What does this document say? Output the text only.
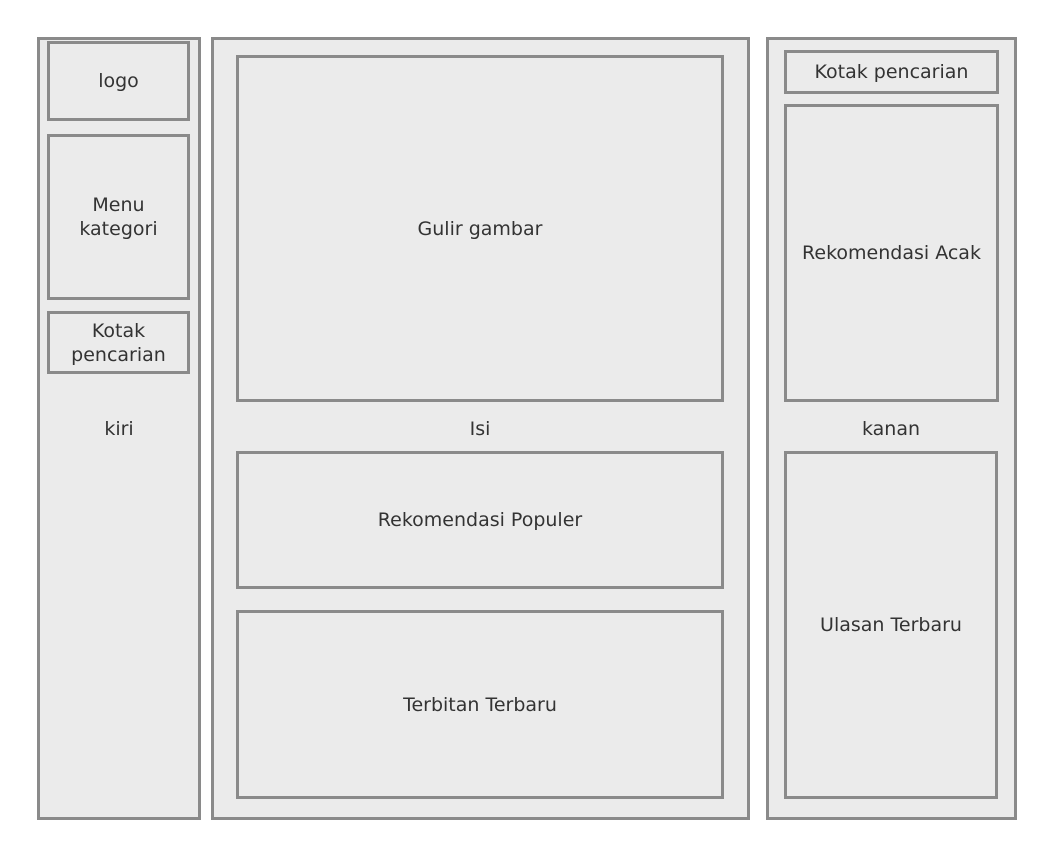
logo
Menu
kategori
Kotak
pencarian
kiri
Gulir gambar
Isi
Rekomendasi Populer
Terbitan Terbaru
Kotak pencarian
Rekomendasi Acak
kanan
Ulasan Terbaru
